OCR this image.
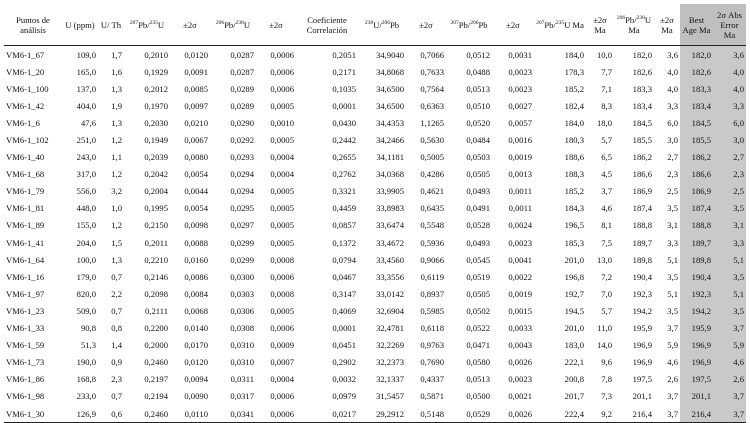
Puntos de análisis	U (ppm)	U/ Th	$^{207}$Pb/$^{235}$U	±2σ	$^{206}$Pb/$^{238}$U	±2σ	Coeficiente Correlación	$^{238}$U/$^{206}$Pb	±2σ	$^{207}$Pb/$^{206}$Pb	±2σ	$^{207}$Pb/$^{235}$U Ma	±2σ Ma	$^{206}$Pb/$^{238}$U Ma	±2σ Ma	Best Age Ma	2σ Abs Error Ma
VM6-1_67	109,0	1,7	0,2010	0,0120	0,0287	0,0006	0,2051	34,9040	0,7066	0,0512	0,0031	184,0	10,0	182,0	3,6	182,0	3,6
VM6-1_20	165,0	1,6	0,1929	0,0091	0,0287	0,0006	0,2171	34,8068	0,7633	0,0488	0,0023	178,3	7,7	182,6	4,0	182,6	4,0
VM6-1_100	137,0	1,3	0,2012	0,0085	0,0289	0,0006	0,1035	34,6500	0,7564	0,0513	0,0023	185,2	7,1	183,3	4,0	183,3	4,0
VM6-1_42	404,0	1,9	0,1970	0,0097	0,0289	0,0005	0,0001	34,6500	0,6363	0,0510	0,0027	182,4	8,3	183,4	3,3	183,4	3,3
VM6-1_6	47,6	1,3	0,2030	0,0210	0,0290	0,0010	0,0430	34,4353	1,1265	0,0520	0,0057	184,0	18,0	184,5	6,0	184,5	6,0
VM6-1_102	251,0	1,2	0,1949	0,0067	0,0292	0,0005	0,2442	34,2466	0,5630	0,0484	0,0016	180,3	5,7	185,5	3,0	185,5	3,0
VM6-1_40	243,0	1,1	0,2039	0,0080	0,0293	0,0004	0,2655	34,1181	0,5005	0,0503	0,0019	188,6	6,5	186,2	2,7	186,2	2,7
VM6-1_68	317,0	1,2	0,2042	0,0054	0,0294	0,0004	0,2762	34,0368	0,4286	0,0505	0,0013	188,3	4,5	186,6	2,3	186,6	2,3
VM6-1_79	556,0	3,2	0,2004	0,0044	0,0294	0,0005	0,3321	33,9905	0,4621	0,0493	0,0011	185,2	3,7	186,9	2,5	186,9	2,5
VM6-1_81	448,0	1,0	0,1995	0,0054	0,0295	0,0005	0,4459	33,8983	0,6435	0,0491	0,0011	184,3	4,6	187,4	3,5	187,4	3,5
VM6-1_89	155,0	1,2	0,2150	0,0098	0,0297	0,0005	0,0857	33,6474	0,5548	0,0528	0,0024	196,5	8,1	188,8	3,1	188,8	3,1
VM6-1_41	204,0	1,5	0,2011	0,0088	0,0299	0,0005	0,1372	33,4672	0,5936	0,0493	0,0023	185,3	7,5	189,7	3,3	189,7	3,3
VM6-1_64	100,0	1,3	0,2210	0,0160	0,0299	0,0008	0,0794	33,4560	0,9066	0,0545	0,0041	201,0	13,0	189,8	5,1	189,8	5,1
VM6-1_16	179,0	0,7	0,2146	0,0086	0,0300	0,0006	0,0467	33,3556	0,6119	0,0519	0,0022	196,8	7,2	190,4	3,5	190,4	3,5
VM6-1_97	820,0	2,2	0,2098	0,0084	0,0303	0,0008	0,3147	33,0142	0,8937	0,0505	0,0019	192,7	7,0	192,3	5,1	192,3	5,1
VM6-1_23	509,0	0,7	0,2111	0,0068	0,0306	0,0005	0,4069	32,6904	0,5985	0,0502	0,0015	194,5	5,7	194,2	3,5	194,2	3,5
VM6-1_33	90,8	0,8	0,2200	0,0140	0,0308	0,0006	0,0001	32,4781	0,6118	0,0522	0,0033	201,0	11,0	195,9	3,7	195,9	3,7
VM6-1_59	51,3	1,4	0,2000	0,0170	0,0310	0,0009	0,0451	32,2269	0,9763	0,0471	0,0043	183,0	14,0	196,9	5,9	196,9	5,9
VM6-1_73	190,0	0,9	0,2460	0,0120	0,0310	0,0007	0,2902	32,2373	0,7690	0,0580	0,0026	222,1	9,6	196,9	4,6	196,9	4,6
VM6-1_86	168,8	2,3	0,2197	0,0094	0,0311	0,0004	0,0032	32,1337	0,4337	0,0513	0,0023	200,8	7,8	197,5	2,6	197,5	2,6
VM6-1_98	233,0	0,7	0,2194	0,0090	0,0317	0,0006	0,0979	31,5457	0,5871	0,0500	0,0021	201,7	7,3	201,1	3,7	201,1	3,7
VM6-1_30	126,9	0,6	0,2460	0,0110	0,0341	0,0006	0,0217	29,2912	0,5148	0,0529	0,0026	222,4	9,2	216,4	3,7	216,4	3,7
